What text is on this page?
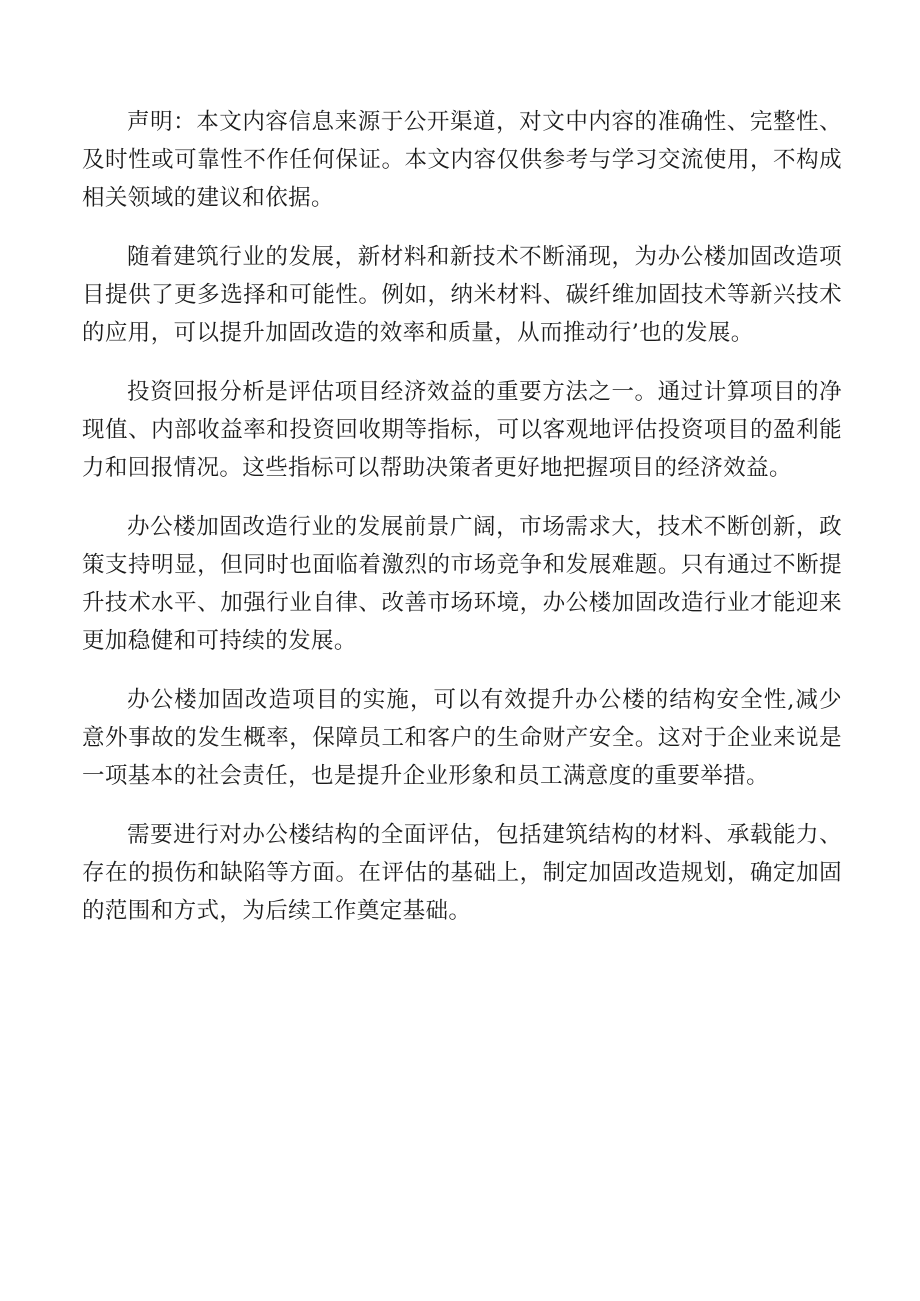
声明：本文内容信息来源于公开渠道，对文中内容的准确性、完整性、及时性或可靠性不作任何保证。本文内容仅供参考与学习交流使用，不构成相关领域的建议和依据。

随着建筑行业的发展，新材料和新技术不断涌现，为办公楼加固改造项目提供了更多选择和可能性。例如，纳米材料、碳纤维加固技术等新兴技术的应用，可以提升加固改造的效率和质量，从而推动行’也的发展。

投资回报分析是评估项目经济效益的重要方法之一。通过计算项目的净现值、内部收益率和投资回收期等指标，可以客观地评估投资项目的盈利能力和回报情况。这些指标可以帮助决策者更好地把握项目的经济效益。

办公楼加固改造行业的发展前景广阔，市场需求大，技术不断创新，政策支持明显，但同时也面临着激烈的市场竞争和发展难题。只有通过不断提升技术水平、加强行业自律、改善市场环境，办公楼加固改造行业才能迎来更加稳健和可持续的发展。

办公楼加固改造项目的实施，可以有效提升办公楼的结构安全性,减少意外事故的发生概率，保障员工和客户的生命财产安全。这对于企业来说是一项基本的社会责任，也是提升企业形象和员工满意度的重要举措。

需要进行对办公楼结构的全面评估，包括建筑结构的材料、承载能力、存在的损伤和缺陷等方面。在评估的基础上，制定加固改造规划，确定加固的范围和方式，为后续工作奠定基础。
